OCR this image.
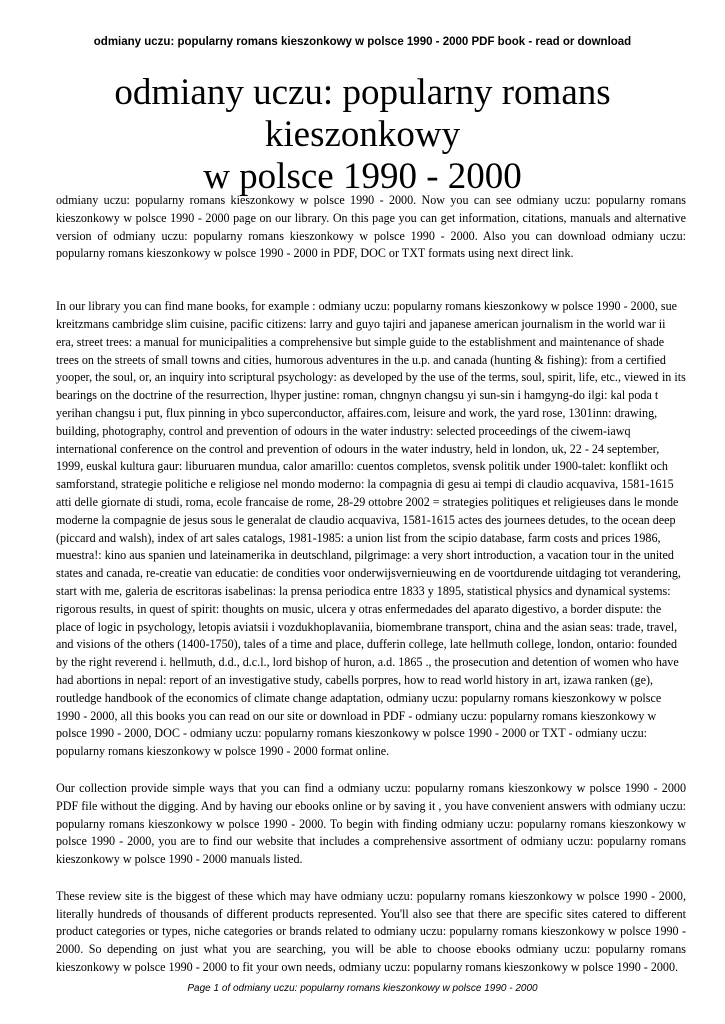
odmiany uczu: popularny romans kieszonkowy w polsce 1990 - 2000 PDF book - read or download
odmiany uczu: popularny romans kieszonkowy
w polsce 1990 - 2000

odmiany uczu: popularny romans kieszonkowy w polsce 1990 - 2000. Now you can see odmiany uczu: popularny romans kieszonkowy w polsce 1990 - 2000 page on our library. On this page you can get information, citations, manuals and alternative version of odmiany uczu: popularny romans kieszonkowy w polsce 1990 - 2000. Also you can download odmiany uczu: popularny romans kieszonkowy w polsce 1990 - 2000 in PDF, DOC or TXT formats using next direct link.

In our library you can find mane books, for example : odmiany uczu: popularny romans kieszonkowy w polsce 1990 - 2000, sue kreitzmans cambridge slim cuisine, pacific citizens: larry and guyo tajiri and japanese american journalism in the world war ii era, street trees: a manual for municipalities a comprehensive but simple guide to the establishment and maintenance of shade trees on the streets of small towns and cities, humorous adventures in the u.p. and canada (hunting & fishing): from a certified yooper, the soul, or, an inquiry into scriptural psychology: as developed by the use of the terms, soul, spirit, life, etc., viewed in its bearings on the doctrine of the resurrection, lhyper justine: roman, chngnyn changsu yi sun-sin i hamgyng-do ilgi: kal poda t yerihan changsu i put, flux pinning in ybco superconductor, affaires.com, leisure and work, the yard rose, 1301inn: drawing, building, photography, control and prevention of odours in the water industry: selected proceedings of the ciwem-iawq international conference on the control and prevention of odours in the water industry, held in london, uk, 22 - 24 september, 1999, euskal kultura gaur: liburuaren mundua, calor amarillo: cuentos completos, svensk politik under 1900-talet: konflikt och samforstand, strategie politiche e religiose nel mondo moderno: la compagnia di gesu ai tempi di claudio acquaviva, 1581-1615 atti delle giornate di studi, roma, ecole francaise de rome, 28-29 ottobre 2002 = strategies politiques et religieuses dans le monde moderne la compagnie de jesus sous le generalat de claudio acquaviva, 1581-1615 actes des journees detudes, to the ocean deep (piccard and walsh), index of art sales catalogs, 1981-1985: a union list from the scipio database, farm costs and prices 1986, muestra!: kino aus spanien und lateinamerika in deutschland, pilgrimage: a very short introduction, a vacation tour in the united states and canada, re-creatie van educatie: de condities voor onderwijsvernieuwing en de voortdurende uitdaging tot verandering, start with me, galeria de escritoras isabelinas: la prensa periodica entre 1833 y 1895, statistical physics and dynamical systems: rigorous results, in quest of spirit: thoughts on music, ulcera y otras enfermedades del aparato digestivo, a border dispute: the place of logic in psychology, letopis aviatsii i vozdukhoplavaniia, biomembrane transport, china and the asian seas: trade, travel, and visions of the others (1400-1750), tales of a time and place, dufferin college, late hellmuth college, london, ontario: founded by the right reverend i. hellmuth, d.d., d.c.l., lord bishop of huron, a.d. 1865 ., the prosecution and detention of women who have had abortions in nepal: report of an investigative study, cabells porpres, how to read world history in art, izawa ranken (ge), routledge handbook of the economics of climate change adaptation, odmiany uczu: popularny romans kieszonkowy w polsce 1990 - 2000, all this books you can read on our site or download in PDF - odmiany uczu: popularny romans kieszonkowy w polsce 1990 - 2000, DOC - odmiany uczu: popularny romans kieszonkowy w polsce 1990 - 2000 or TXT - odmiany uczu: popularny romans kieszonkowy w polsce 1990 - 2000 format online.

Our collection provide simple ways that you can find a odmiany uczu: popularny romans kieszonkowy w polsce 1990 - 2000 PDF file without the digging. And by having our ebooks online or by saving it , you have convenient answers with odmiany uczu: popularny romans kieszonkowy w polsce 1990 - 2000. To begin with finding odmiany uczu: popularny romans kieszonkowy w polsce 1990 - 2000, you are to find our website that includes a comprehensive assortment of odmiany uczu: popularny romans kieszonkowy w polsce 1990 - 2000 manuals listed.

These review site is the biggest of these which may have odmiany uczu: popularny romans kieszonkowy w polsce 1990 - 2000, literally hundreds of thousands of different products represented. You'll also see that there are specific sites catered to different product categories or types, niche categories or brands related to odmiany uczu: popularny romans kieszonkowy w polsce 1990 - 2000. So depending on just what you are searching, you will be able to choose ebooks odmiany uczu: popularny romans kieszonkowy w polsce 1990 - 2000 to fit your own needs, odmiany uczu: popularny romans kieszonkowy w polsce 1990 - 2000.

Page 1 of odmiany uczu: popularny romans kieszonkowy w polsce 1990 - 2000
